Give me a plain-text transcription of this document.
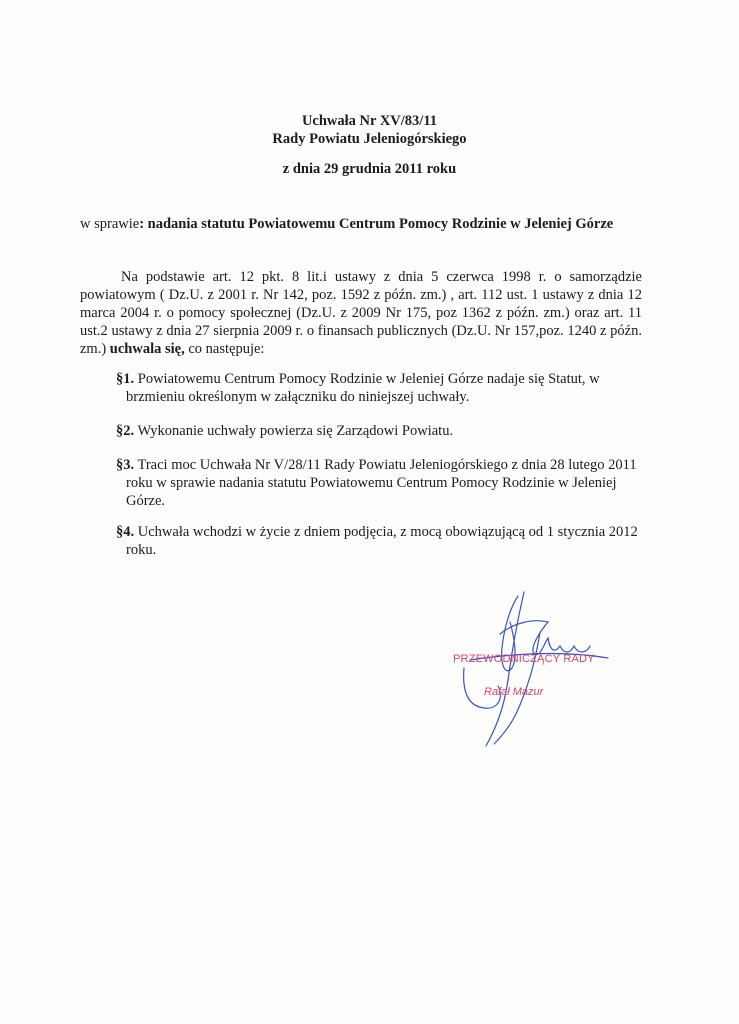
Uchwała Nr XV/83/11
Rady Powiatu Jeleniogórskiego
z dnia 29 grudnia 2011 roku
w sprawie: nadania statutu Powiatowemu Centrum Pomocy Rodzinie w Jeleniej Górze
Na podstawie art. 12 pkt. 8 lit.i ustawy z dnia 5 czerwca 1998 r. o samorządzie powiatowym ( Dz.U. z 2001 r. Nr 142, poz. 1592 z późn. zm.) , art. 112 ust. 1 ustawy z dnia 12 marca 2004 r. o pomocy społecznej (Dz.U. z 2009 Nr 175, poz 1362 z późn. zm.) oraz art. 11 ust.2 ustawy z dnia 27 sierpnia 2009 r. o finansach publicznych (Dz.U. Nr 157,poz. 1240 z późn. zm.) uchwala się, co następuje:
§1. Powiatowemu Centrum Pomocy Rodzinie w Jeleniej Górze nadaje się Statut, w brzmieniu określonym w załączniku do niniejszej uchwały.
§2. Wykonanie uchwały powierza się Zarządowi Powiatu.
§3. Traci moc Uchwała Nr V/28/11 Rady Powiatu Jeleniogórskiego z dnia 28 lutego 2011 roku w sprawie nadania statutu Powiatowemu Centrum Pomocy Rodzinie w Jeleniej Górze.
§4. Uchwała wchodzi w życie z dniem podjęcia, z mocą obowiązującą od 1 stycznia 2012 roku.
PRZEWODNICZĄCY RADY
Rafał Mazur
